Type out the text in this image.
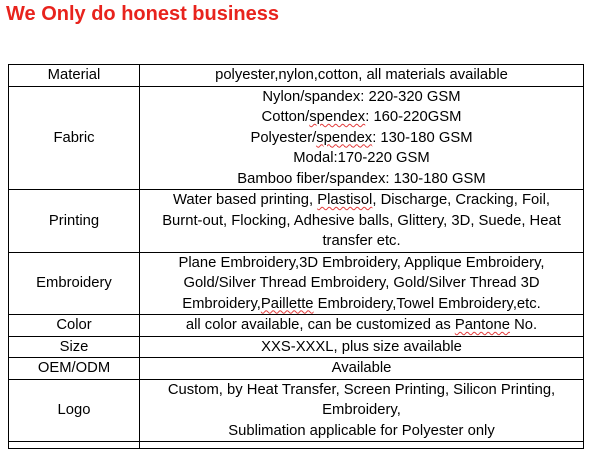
We Only do honest business
Material	polyester,nylon,cotton, all materials available

Fabric	Nylon/spandex: 220-320 GSM
Cotton/spendex: 160-220GSM
Polyester/spendex: 130-180 GSM
Modal:170-220 GSM
Bamboo fiber/spandex: 130-180 GSM

Printing	Water based printing, Plastisol, Discharge, Cracking, Foil,
Burnt-out, Flocking, Adhesive balls, Glittery, 3D, Suede, Heat
transfer etc.

Embroidery	Plane Embroidery,3D Embroidery, Applique Embroidery,
Gold/Silver Thread Embroidery, Gold/Silver Thread 3D
Embroidery,Paillette Embroidery,Towel Embroidery,etc.

Color	all color available, can be customized as Pantone No.

Size	XXS-XXXL, plus size available

OEM/ODM	Available

Logo	Custom, by Heat Transfer, Screen Printing, Silicon Printing,
Embroidery,
Sublimation applicable for Polyester only
